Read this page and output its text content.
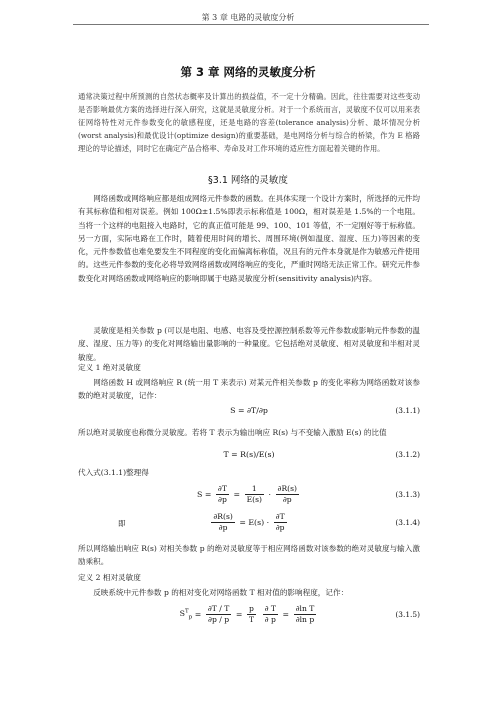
第 3 章 电路的灵敏度分析
第 3 章 网络的灵敏度分析
通常决策过程中所预测的自然状态概率及计算出的损益值，不一定十分精确。因此，往往需要对这些变动是否影响最优方案的选择进行深入研究，这就是灵敏度分析。对于一个系统而言，灵敏度不仅可以用来表征网络特性对元件参数变化的敏感程度，还是电路的容差(tolerance analysis)分析、最坏情况分析(worst analysis)和最优设计(optimize design)的重要基础，是电网络分析与综合的桥梁，作为 E 格路理论的导论描述，同时它在确定产品合格率、寿命及对工作环境的适应性方面起着关键的作用。
§3.1 网络的灵敏度

网络函数或网络响应都是组成网络元件参数的函数。在具体实现一个设计方案时，所选择的元件均有其标称值和相对误差。例如 100Ω±1.5%即表示标称值是 100Ω，相对误差是 1.5%的一个电阻。当将一个这样的电阻接入电路时，它的真正值可能是 99、100、101 等值，不一定刚好等于标称值。另一方面，实际电路在工作时，随着使用时间的增长、周围环境(例如温度、湿度、压力)等因素的变化，元件参数值也难免要发生不同程度的变化而偏离标称值，况且有的元件本身就是作为敏感元件使用的。这些元件参数的变化必将导致网络函数或网络响应的变化，严重时网络无法正常工作。研究元件参数变化对网络函数或网络响应的影响即属于电路灵敏度分析(sensitivity analysis)内容。

灵敏度是相关参数 p (可以是电阻、电感、电容及受控源控制系数等元件参数或影响元件参数的温度、湿度、压力等) 的变化对网络输出量影响的一种量度。它包括绝对灵敏度、相对灵敏度和半相对灵敏度。

定义 1 绝对灵敏度

网络函数 H 或网络响应 R (统一用 T 来表示) 对某元件相关参数 p 的变化率称为网络函数对该参数的绝对灵敏度，记作：

S = ∂T/∂p	(3.1.1)
所以绝对灵敏度也称微分灵敏度。若将 T 表示为输出响应 R(s) 与不变输入激励 E(s) 的比值
T = R(s)/E(s)	(3.1.2)
代入式(3.1.1)整理得
$S = \frac{\partial T}{\partial p} = \frac{1}{E(s)} \cdot \frac{\partial R(s)}{\partial p}$	(3.1.3)
即	$\frac{\partial R(s)}{\partial p} = E(s) \cdot \frac{\partial T}{\partial p}$	(3.1.4)

所以网络输出响应 R(s) 对相关参数 p 的绝对灵敏度等于相应网络函数对该参数的绝对灵敏度与输入激励乘积。

定义 2 相对灵敏度

反映系统中元件参数 p 的相对变化对网络函数 T 相对值的影响程度，记作：

$S^T_p = \frac{\partial T / T}{\partial p / p} = \frac{p}{T}$
$\frac{\partial T}{\partial p} = \frac{\text{∂ln T}}{\text{∂ln p}}$	(3.1.5)
